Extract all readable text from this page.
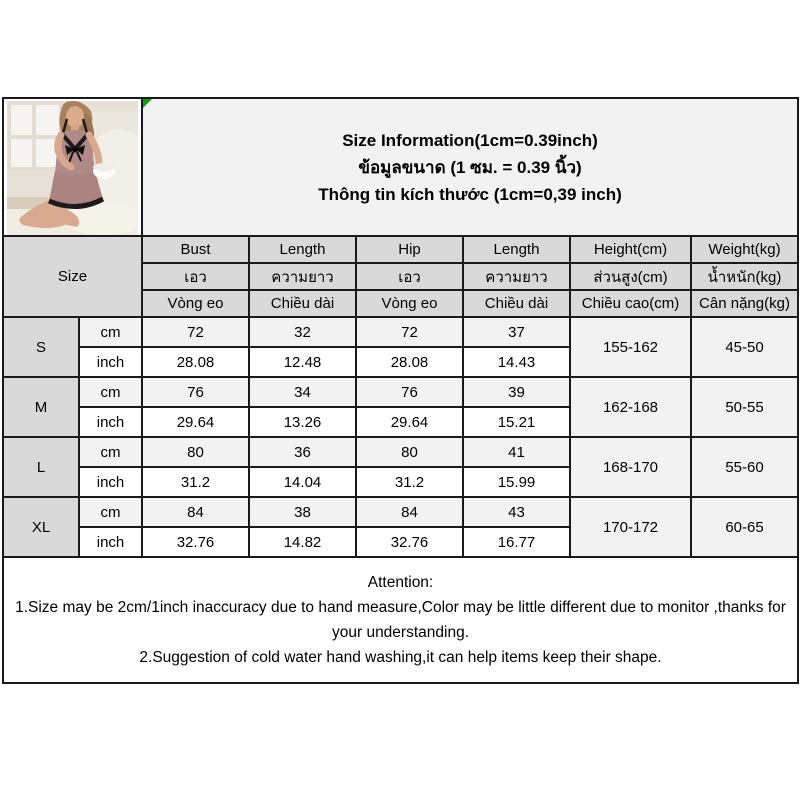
Size Information(1cm=0.39inch)
ข้อมูลขนาด (1 ซม. = 0.39 นิ้ว)
Thông tin kích thước (1cm=0,39 inch)					

Size		Bust	Length	Hip	Length	Height(cm)	Weight(kg)
		เอว	ความยาว	เอว	ความยาว	ส่วนสูง(cm)	น้ำหนัก(kg)
		Vòng eo	Chiều dài	Vòng eo	Chiều dài	Chiều cao(cm)	Cân nặng(kg)
S	cm	72	32	72	37	155-162	45-50
	inch	28.08	12.48	28.08	14.43		
M	cm	76	34	76	39	162-168	50-55
	inch	29.64	13.26	29.64	15.21		
L	cm	80	36	80	41	168-170	55-60
	inch	31.2	14.04	31.2	15.99		
XL	cm	84	38	84	43	170-172	60-65
	inch	32.76	14.82	32.76	16.77		

Attention:
1.Size may be 2cm/1inch inaccuracy due to hand measure,Color may be little different due to monitor ,thanks for your understanding.
2.Suggestion of cold water hand washing,it can help items keep their shape.							
